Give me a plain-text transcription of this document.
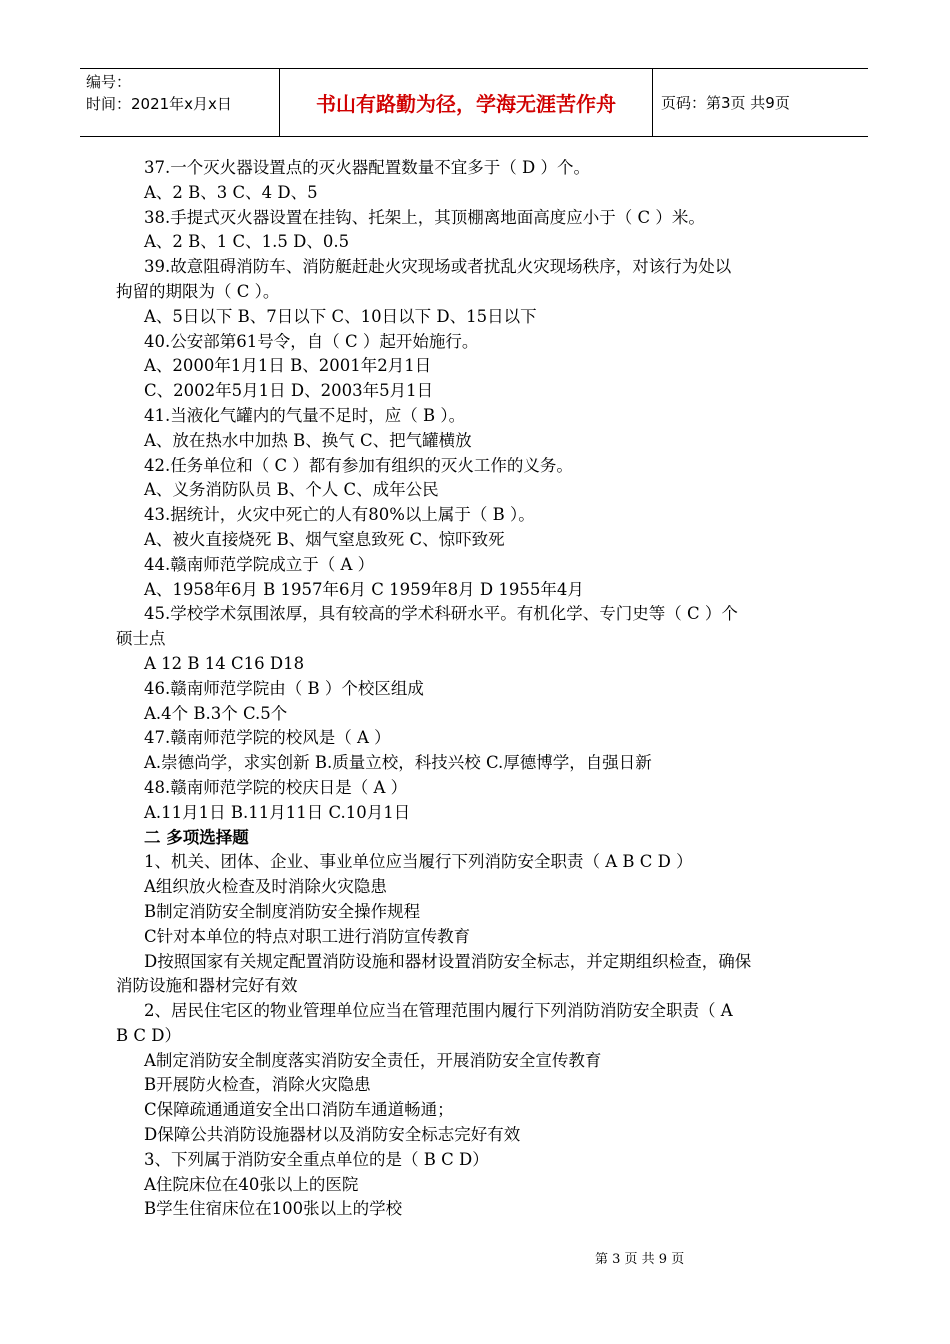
编号：
时间：2021年x月x日	书山有路勤为径，学海无涯苦作舟	页码：第3页 共9页
37.一个灭火器设置点的灭火器配置数量不宜多于（ D ）个。
A、2 B、3 C、4 D、5
38.手提式灭火器设置在挂钩、托架上，其顶棚离地面高度应小于（ C ）米。
A、2 B、1 C、1.5 D、0.5
39.故意阻碍消防车、消防艇赶赴火灾现场或者扰乱火灾现场秩序，对该行为处以
拘留的期限为（ C ）。
A、5日以下 B、7日以下 C、10日以下 D、15日以下
40.公安部第61号令，自（ C ）起开始施行。
A、2000年1月1日 B、2001年2月1日
C、2002年5月1日 D、2003年5月1日
41.当液化气罐内的气量不足时，应（ B ）。
A、放在热水中加热 B、换气 C、把气罐横放
42.任务单位和（ C ）都有参加有组织的灭火工作的义务。
A、义务消防队员 B、个人 C、成年公民
43.据统计，火灾中死亡的人有80%以上属于（ B ）。
A、被火直接烧死 B、烟气窒息致死 C、惊吓致死
44.赣南师范学院成立于（ A ）
A、1958年6月 B 1957年6月 C 1959年8月 D 1955年4月
45.学校学术氛围浓厚，具有较高的学术科研水平。有机化学、专门史等（ C ）个
硕士点
A 12 B 14 C16 D18
46.赣南师范学院由（ B ）个校区组成
A.4个 B.3个 C.5个
47.赣南师范学院的校风是（ A ）
A.崇德尚学，求实创新 B.质量立校，科技兴校 C.厚德博学，自强日新
48.赣南师范学院的校庆日是（ A ）
A.11月1日 B.11月11日 C.10月1日
二 多项选择题
1、机关、团体、企业、事业单位应当履行下列消防安全职责（ A B C D ）
A组织放火检查及时消除火灾隐患
B制定消防安全制度消防安全操作规程
C针对本单位的特点对职工进行消防宣传教育
D按照国家有关规定配置消防设施和器材设置消防安全标志，并定期组织检查，确保
消防设施和器材完好有效
2、居民住宅区的物业管理单位应当在管理范围内履行下列消防消防安全职责（ A
B C D）
A制定消防安全制度落实消防安全责任，开展消防安全宣传教育
B开展防火检查，消除火灾隐患
C保障疏通通道安全出口消防车通道畅通；
D保障公共消防设施器材以及消防安全标志完好有效
3、下列属于消防安全重点单位的是（ B C D）
A住院床位在40张以上的医院
B学生住宿床位在100张以上的学校
第 3 页 共 9 页
